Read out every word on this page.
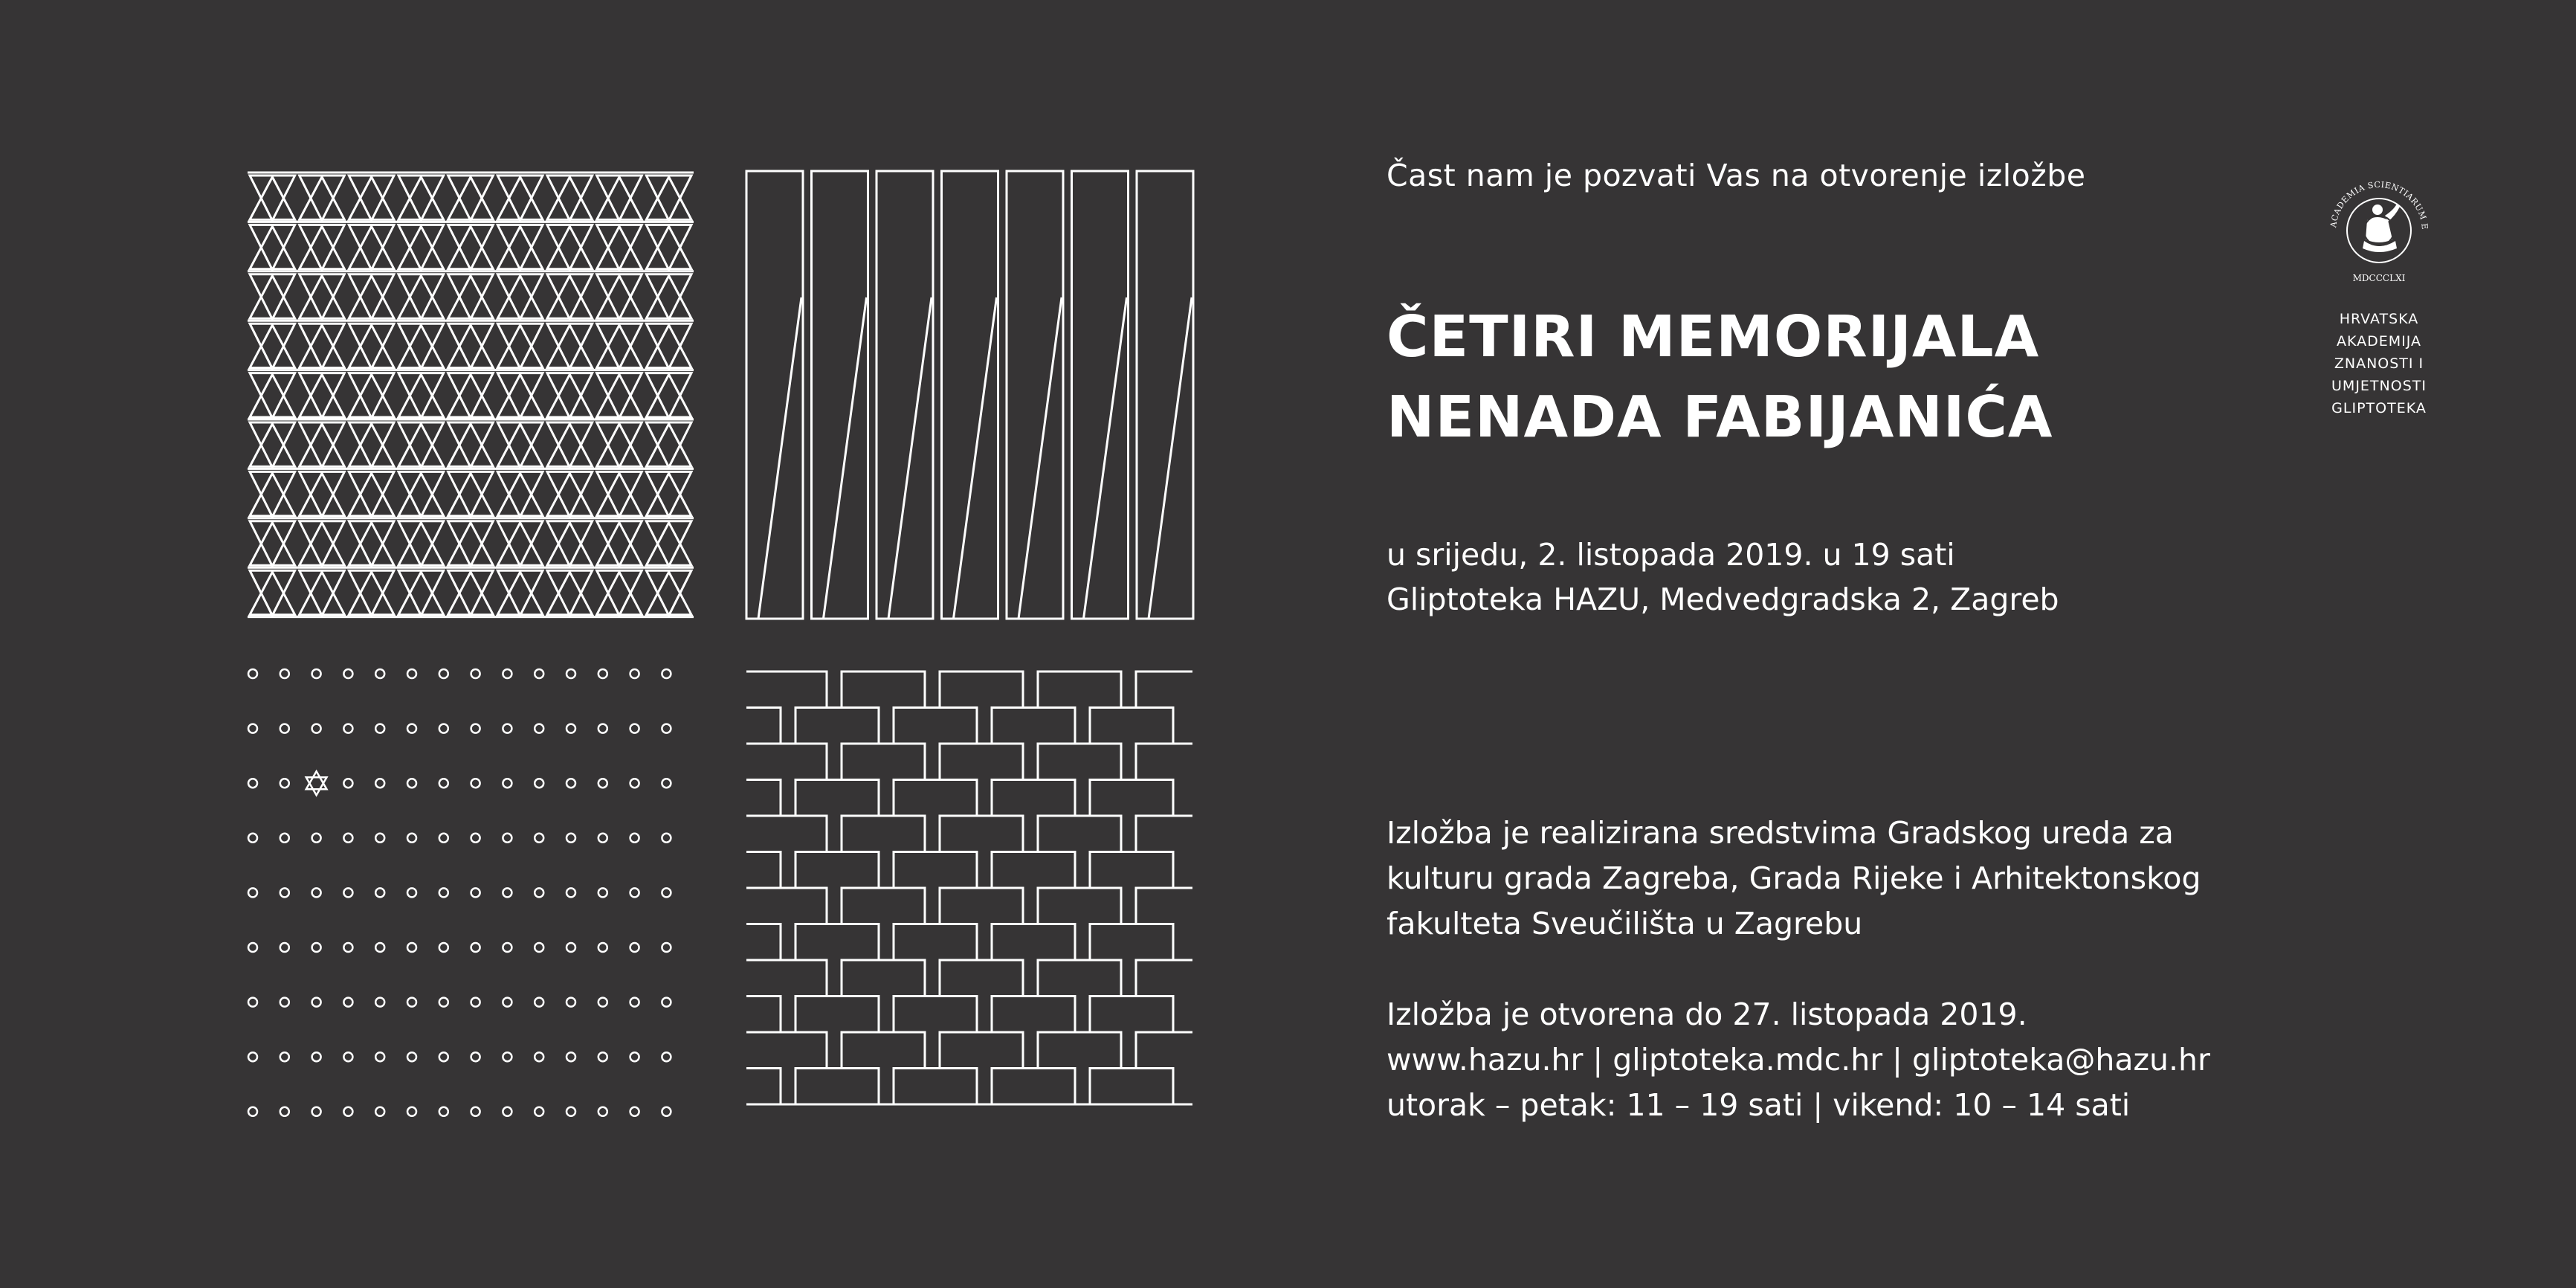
Čast nam je pozvati Vas na otvorenje izložbe
ČETIRI MEMORIJALA
NENADA FABIJANIĆA
u srijedu, 2. listopada 2019. u 19 sati
Gliptoteka HAZU, Medvedgradska 2, Zagreb
Izložba je realizirana sredstvima Gradskog ureda za
kulturu grada Zagreba, Grada Rijeke i Arhitektonskog
fakulteta Sveučilišta u Zagrebu
Izložba je otvorena do 27. listopada 2019.
www.hazu.hr | gliptoteka.mdc.hr | gliptoteka@hazu.hr
utorak – petak: 11 – 19 sati | vikend: 10 – 14 sati
ACADEMIA SCIENTIARUM E
MDCCCLXI
HRVATSKA
AKADEMIJA
ZNANOSTI I
UMJETNOSTI
GLIPTOTEKA
